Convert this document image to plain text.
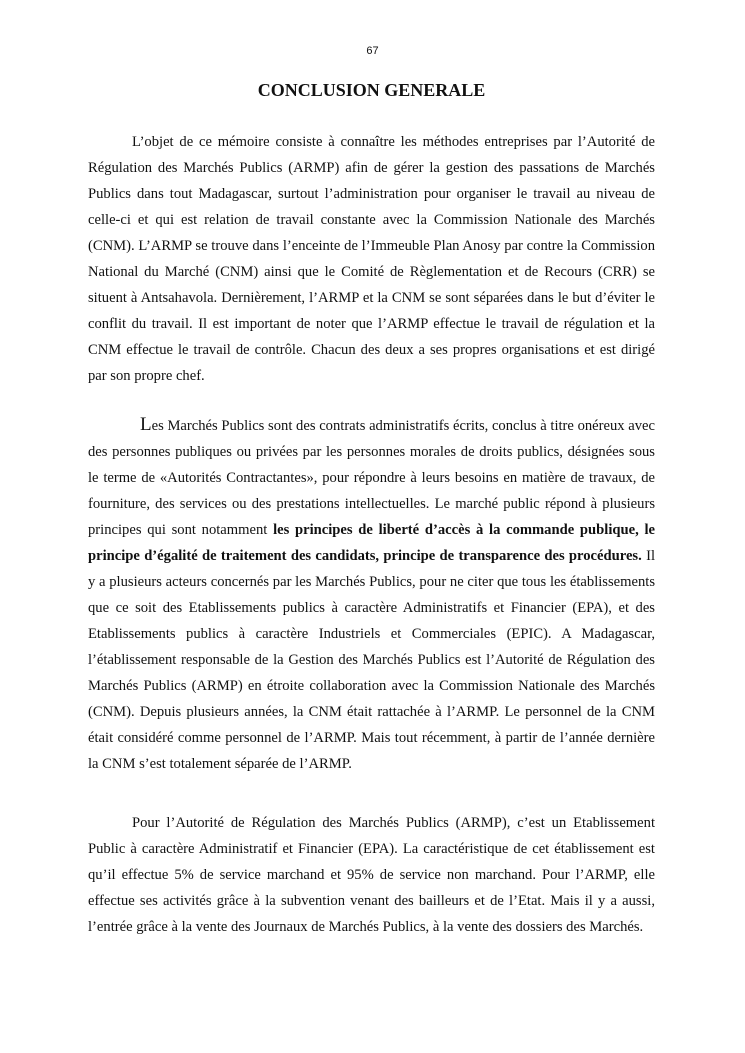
67
CONCLUSION GENERALE

L’objet de ce mémoire consiste à connaître les méthodes entreprises par l’Autorité de Régulation des Marchés Publics (ARMP) afin de gérer la gestion des passations de Marchés Publics dans tout Madagascar, surtout l’administration pour organiser le travail au niveau de celle-ci et qui est relation de travail constante avec la Commission Nationale des Marchés (CNM). L’ARMP se trouve dans l’enceinte de l’Immeuble Plan Anosy par contre la Commission National du Marché (CNM) ainsi que le Comité de Règlementation et de Recours (CRR) se situent à Antsahavola. Dernièrement, l’ARMP et la CNM se sont séparées dans le but d’éviter le conflit du travail. Il est important de noter que l’ARMP effectue le travail de régulation et la CNM effectue le travail de contrôle. Chacun des deux a ses propres organisations et est dirigé par son propre chef.

Les Marchés Publics sont des contrats administratifs écrits, conclus à titre onéreux avec des personnes publiques ou privées par les personnes morales de droits publics, désignées sous le terme de «Autorités Contractantes», pour répondre à leurs besoins en matière de travaux, de fourniture, des services ou des prestations intellectuelles. Le marché public répond à plusieurs principes qui sont notamment les principes de liberté d’accès à la commande publique, le principe d’égalité de traitement des candidats, principe de transparence des procédures. Il y a plusieurs acteurs concernés par les Marchés Publics, pour ne citer que tous les établissements que ce soit des Etablissements publics à caractère Administratifs et Financier (EPA), et des Etablissements publics à caractère Industriels et Commerciales (EPIC). A Madagascar, l’établissement responsable de la Gestion des Marchés Publics est l’Autorité de Régulation des Marchés Publics (ARMP) en étroite collaboration avec la Commission Nationale des Marchés (CNM). Depuis plusieurs années, la CNM était rattachée à l’ARMP. Le personnel de la CNM était considéré comme personnel de l’ARMP. Mais tout récemment, à partir de l’année dernière la CNM s’est totalement séparée de l’ARMP.

Pour l’Autorité de Régulation des Marchés Publics (ARMP), c’est un Etablissement Public à caractère Administratif et Financier (EPA). La caractéristique de cet établissement est qu’il effectue 5% de service marchand et 95% de service non marchand. Pour l’ARMP, elle effectue ses activités grâce à la subvention venant des bailleurs et de l’Etat. Mais il y a aussi, l’entrée grâce à la vente des Journaux de Marchés Publics, à la vente des dossiers des Marchés.
